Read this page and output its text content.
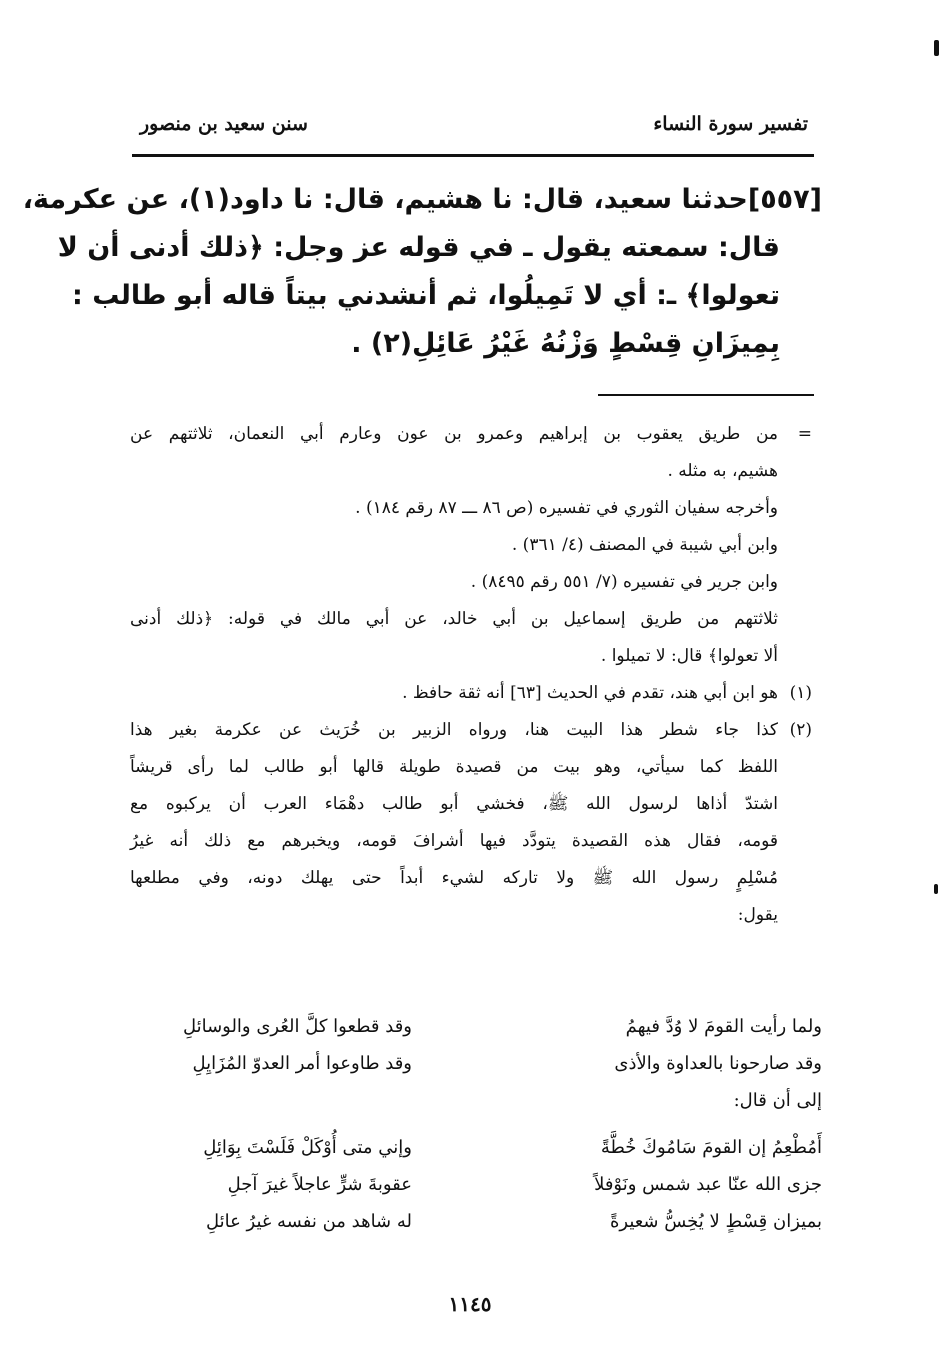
تفسير سورة النساء
سنن سعيد بن منصور

[٥٥٧]حدثنا سعيد، قال: نا هشيم، قال: نا داود(١)، عن عكرمة،

قال: سمعته يقول ـ في قوله عز وجل: ﴿ذلك أدنى أن لا

تعولوا﴾ ـ: أي لا تَمِيلُوا، ثم أنشدني بيتاً قاله أبو طالب :

بِمِيزَانِ قِسْطٍ وَزْنُهُ غَيْرُ عَائِلِ(٢) .

=من طريق يعقوب بن إبراهيم وعمرو بن عون وعارم أبي النعمان، ثلاثتهم عن

هشيم، به مثله .

وأخرجه سفيان الثوري في تفسيره (ص ٨٦ ـــ ٨٧ رقم ١٨٤) .

وابن أبي شيبة في المصنف (٤/ ٣٦١) .

وابن جرير في تفسيره (٧/ ٥٥١ رقم ٨٤٩٥) .

ثلاثتهم من طريق إسماعيل بن أبي خالد، عن أبي مالك في قوله: ﴿ذلك أدنى

ألا تعولوا﴾ قال: لا تميلوا .

(١)هو ابن أبي هند، تقدم في الحديث [٦٣] أنه ثقة حافظ .

(٢)كذا جاء شطر هذا البيت هنا، ورواه الزبير بن خُرَيث عن عكرمة بغير هذا

اللفظ كما سيأتي، وهو بيت من قصيدة طويلة قالها أبو طالب لما رأى قريشاً

اشتدّ أذاها لرسول الله ﷺ، فخشي أبو طالب دهْمَاء العرب أن يركبوه مع

قومه، فقال هذه القصيدة يتودَّد فيها أشرافَ قومه، ويخبرهم مع ذلك أنه غيرُ

مُسْلِمٍ رسول الله ﷺ ولا تاركه لشيء أبداً حتى يهلك دونه، وفي مطلعها

يقول:

ولما رأيت القومَ لا وُدَّ فيهمُ
وقد قطعوا كلَّ العُرى والوسائلِ
وقد صارحونا بالعداوة والأذى
وقد طاوعوا أمر العدوّ المُزَايِلِ
إلى أن قال:
أَمُطْعِمُ إن القومَ سَامُوكَ خُطَّةً
وإني متى أُوْكَلْ فَلَسْتَ بِوَائِلِ
جزى الله عنّا عبد شمس ونَوْفلاً
عقوبةَ شرٍّ عاجلاً غيرَ آجلِ
بميزان قِسْطٍ لا يُخِسُّ شعيرةً
له شاهد من نفسه غيرُ عائلِ
١١٤٥
